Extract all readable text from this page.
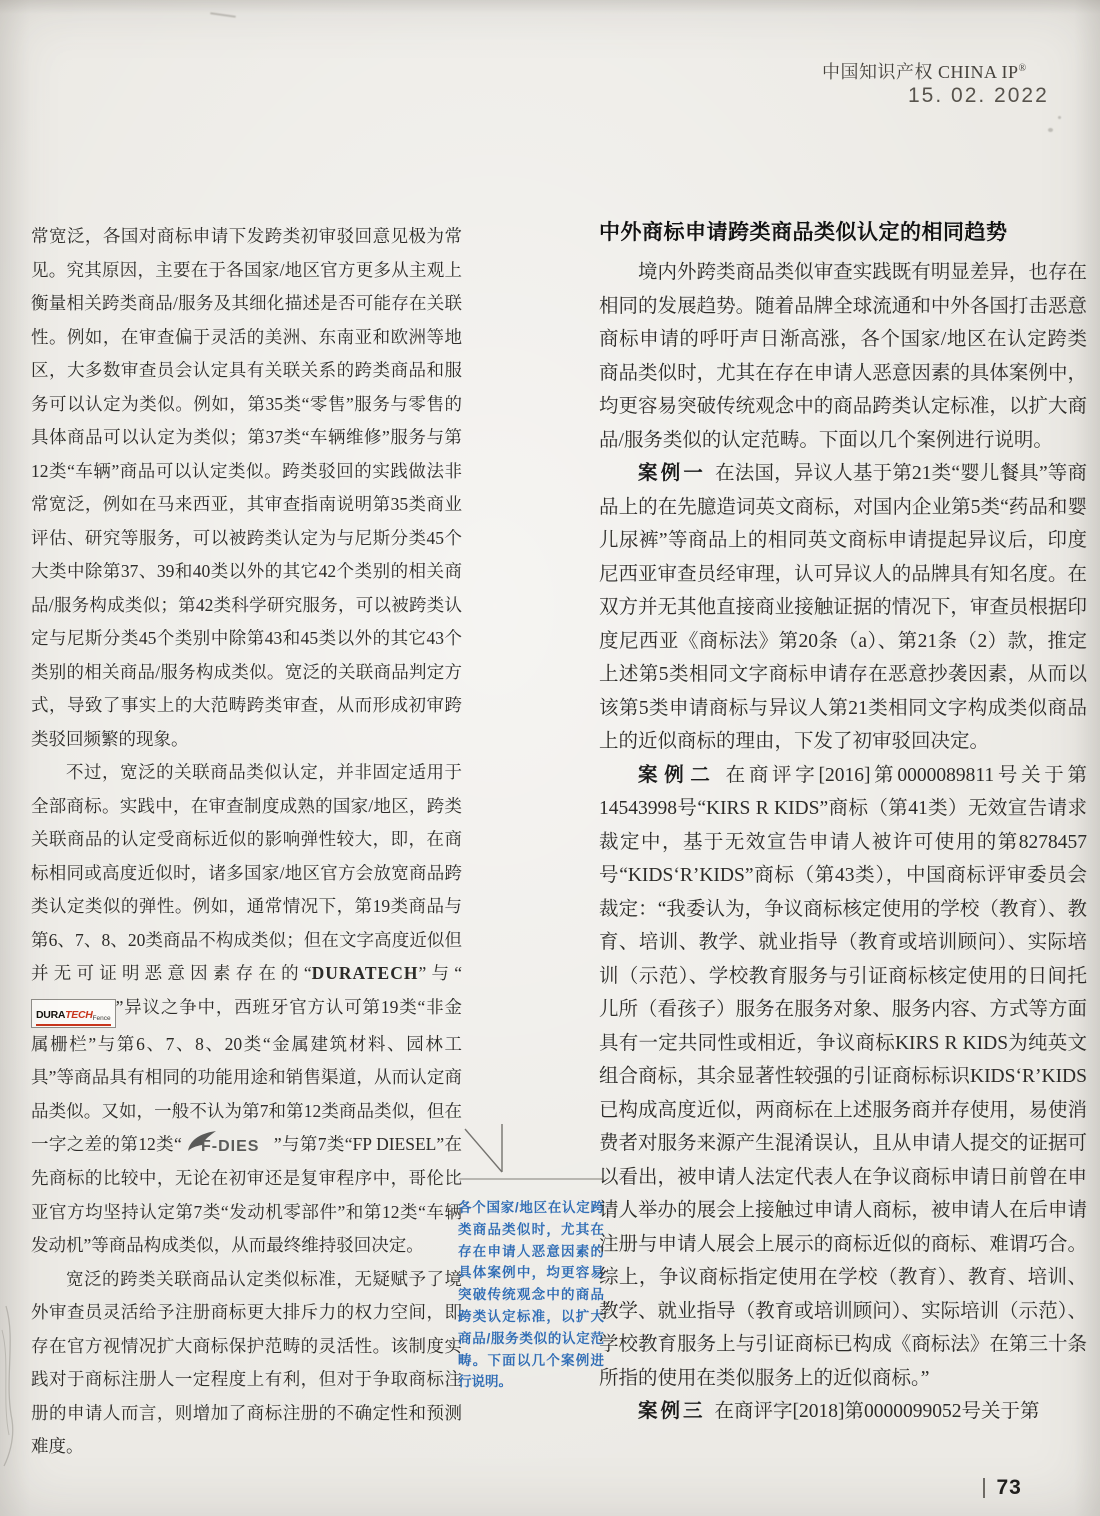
中国知识产权 CHINA IP®
15. 02. 2022

常宽泛，各国对商标申请下发跨类初审驳回意见极为常见。究其原因，主要在于各国家/地区官方更多从主观上衡量相关跨类商品/服务及其细化描述是否可能存在关联性。例如，在审查偏于灵活的美洲、东南亚和欧洲等地区，大多数审查员会认定具有关联关系的跨类商品和服务可以认定为类似。例如，第35类“零售”服务与零售的具体商品可以认定为类似；第37类“车辆维修”服务与第12类“车辆”商品可以认定类似。跨类驳回的实践做法非常宽泛，例如在马来西亚，其审查指南说明第35类商业评估、研究等服务，可以被跨类认定为与尼斯分类45个大类中除第37、39和40类以外的其它42个类别的相关商品/服务构成类似；第42类科学研究服务，可以被跨类认定与尼斯分类45个类别中除第43和45类以外的其它43个类别的相关商品/服务构成类似。宽泛的关联商品判定方式，导致了事实上的大范畴跨类审查，从而形成初审跨类驳回频繁的现象。

不过，宽泛的关联商品类似认定，并非固定适用于全部商标。实践中，在审查制度成熟的国家/地区，跨类关联商品的认定受商标近似的影响弹性较大，即，在商标相同或高度近似时，诸多国家/地区官方会放宽商品跨类认定类似的弹性。例如，通常情况下，第19类商品与第6、7、8、20类商品不构成类似；但在文字高度近似但并无可证明恶意因素存在的“DURATECH”与“DURATECHFence”异议之争中，西班牙官方认可第19类“非金属栅栏”与第6、7、8、20类“金属建筑材料、园林工具”等商品具有相同的功能用途和销售渠道，从而认定商品类似。又如，一般不认为第7和第12类商品类似，但在一字之差的第12类“ F-DIES ”与第7类“FP DIESEL”在先商标的比较中，无论在初审还是复审程序中，哥伦比亚官方均坚持认定第7类“发动机零部件”和第12类“车辆发动机”等商品构成类似，从而最终维持驳回决定。

宽泛的跨类关联商品认定类似标准，无疑赋予了境外审查员灵活给予注册商标更大排斥力的权力空间，即存在官方视情况扩大商标保护范畴的灵活性。该制度实践对于商标注册人一定程度上有利，但对于争取商标注册的申请人而言，则增加了商标注册的不确定性和预测难度。

各个国家/地区在认定跨类商品类似时，尤其在存在申请人恶意因素的具体案例中，均更容易突破传统观念中的商品跨类认定标准，以扩大商品/服务类似的认定范畴。下面以几个案例进行说明。
中外商标申请跨类商品类似认定的相同趋势

境内外跨类商品类似审查实践既有明显差异，也存在相同的发展趋势。随着品牌全球流通和中外各国打击恶意商标申请的呼吁声日渐高涨，各个国家/地区在认定跨类商品类似时，尤其在存在申请人恶意因素的具体案例中，均更容易突破传统观念中的商品跨类认定标准，以扩大商品/服务类似的认定范畴。下面以几个案例进行说明。

案例一 在法国，异议人基于第21类“婴儿餐具”等商品上的在先臆造词英文商标，对国内企业第5类“药品和婴儿尿裤”等商品上的相同英文商标申请提起异议后，印度尼西亚审查员经审理，认可异议人的品牌具有知名度。在双方并无其他直接商业接触证据的情况下，审查员根据印度尼西亚《商标法》第20条（a）、第21条（2）款，推定上述第5类相同文字商标申请存在恶意抄袭因素，从而以该第5类申请商标与异议人第21类相同文字构成类似商品上的近似商标的理由，下发了初审驳回决定。

案例二 在商评字[2016]第0000089811号关于第14543998号“KIRS R KIDS”商标（第41类）无效宣告请求裁定中，基于无效宣告申请人被许可使用的第8278457号“KIDS‘R’KIDS”商标（第43类），中国商标评审委员会裁定：“我委认为，争议商标核定使用的学校（教育）、教育、培训、教学、就业指导（教育或培训顾问）、实际培训（示范）、学校教育服务与引证商标核定使用的日间托儿所（看孩子）服务在服务对象、服务内容、方式等方面具有一定共同性或相近，争议商标KIRS R KIDS为纯英文组合商标，其余显著性较强的引证商标标识KIDS‘R’KIDS已构成高度近似，两商标在上述服务商并存使用，易使消费者对服务来源产生混淆误认，且从申请人提交的证据可以看出，被申请人法定代表人在争议商标申请日前曾在申请人举办的展会上接触过申请人商标，被申请人在后申请注册与申请人展会上展示的商标近似的商标、难谓巧合。综上，争议商标指定使用在学校（教育）、教育、培训、教学、就业指导（教育或培训顾问）、实际培训（示范）、学校教育服务上与引证商标已构成《商标法》在第三十条所指的使用在类似服务上的近似商标。”

案例三 在商评字[2018]第0000099052号关于第

73
